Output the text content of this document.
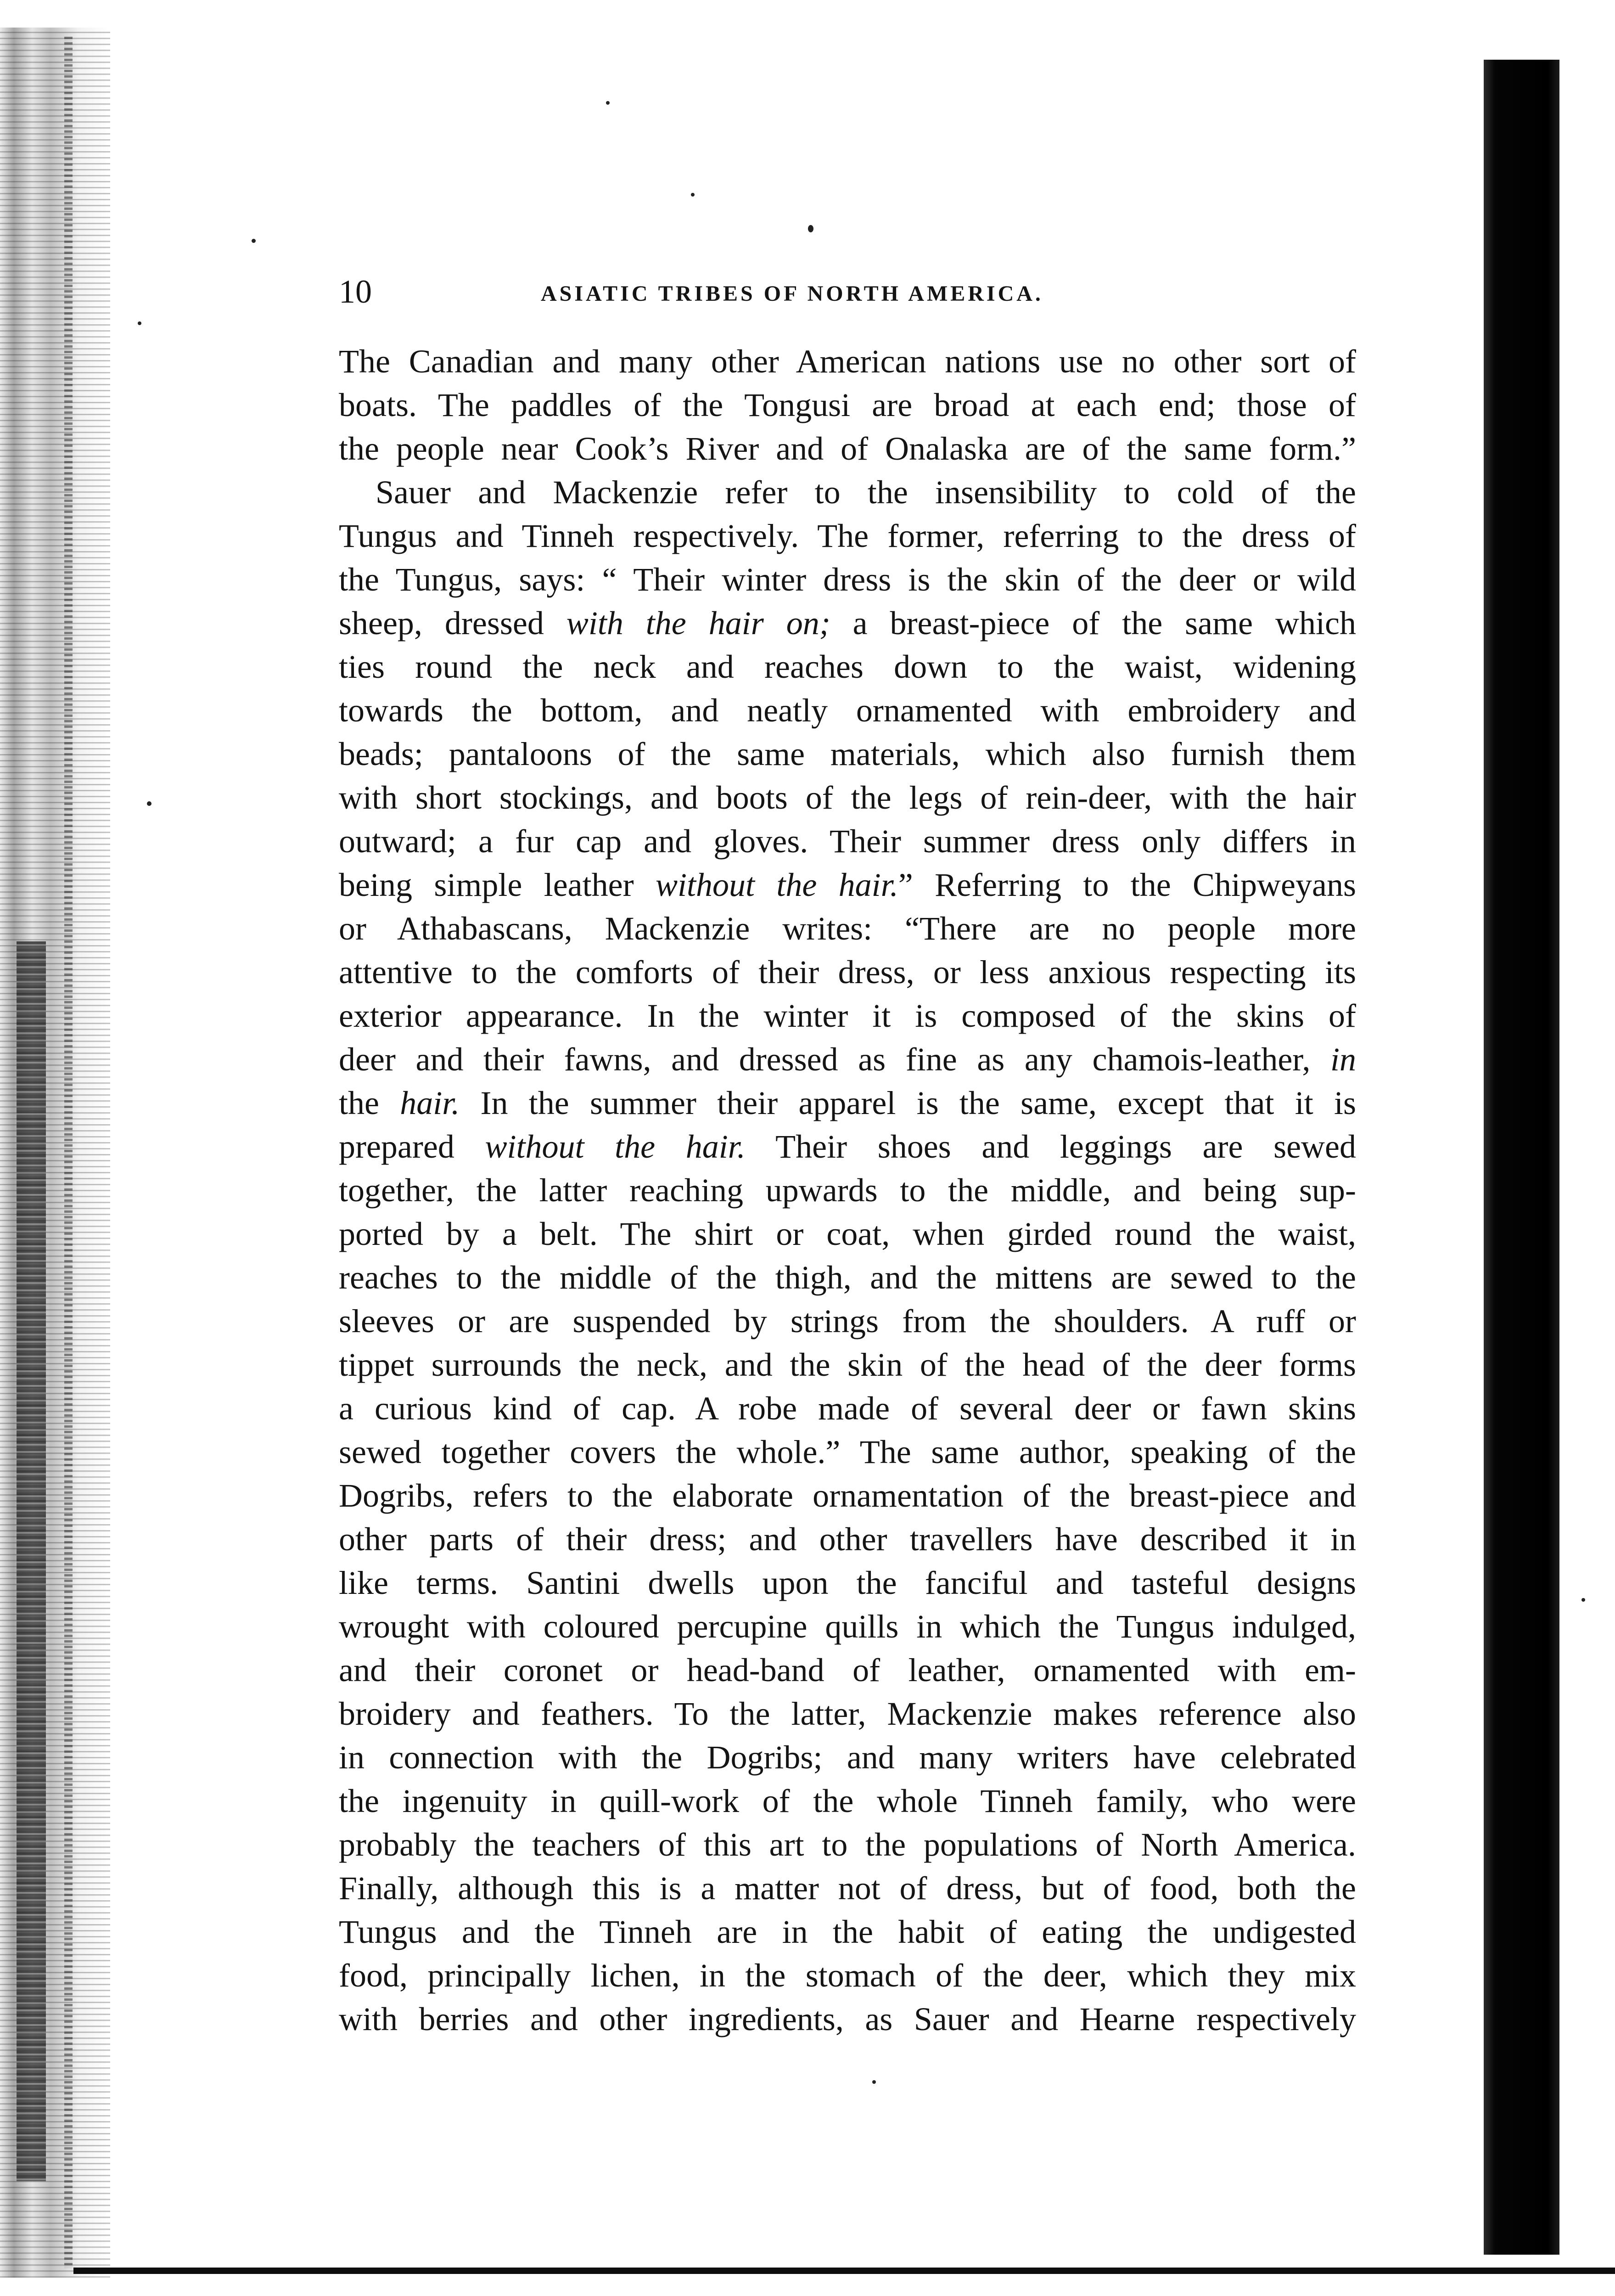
10	ASIATIC TRIBES OF NORTH AMERICA.
The Canadian and many other American nations use no other sort of
boats. The paddles of the Tongusi are broad at each end; those of
the people near Cook’s River and of Onalaska are of the same form.”
Sauer and Mackenzie refer to the insensibility to cold of the
Tungus and Tinneh respectively. The former, referring to the dress of
the Tungus, says: “ Their winter dress is the skin of the deer or wild
sheep, dressed with the hair on; a breast-piece of the same which
ties round the neck and reaches down to the waist, widening
towards the bottom, and neatly ornamented with embroidery and
beads; pantaloons of the same materials, which also furnish them
with short stockings, and boots of the legs of rein-deer, with the hair
outward; a fur cap and gloves. Their summer dress only differs in
being simple leather without the hair.” Referring to the Chipweyans
or Athabascans, Mackenzie writes: “There are no people more
attentive to the comforts of their dress, or less anxious respecting its
exterior appearance. In the winter it is composed of the skins of
deer and their fawns, and dressed as fine as any chamois-leather, in
the hair. In the summer their apparel is the same, except that it is
prepared without the hair. Their shoes and leggings are sewed
together, the latter reaching upwards to the middle, and being sup-
ported by a belt. The shirt or coat, when girded round the waist,
reaches to the middle of the thigh, and the mittens are sewed to the
sleeves or are suspended by strings from the shoulders. A ruff or
tippet surrounds the neck, and the skin of the head of the deer forms
a curious kind of cap. A robe made of several deer or fawn skins
sewed together covers the whole.” The same author, speaking of the
Dogribs, refers to the elaborate ornamentation of the breast-piece and
other parts of their dress; and other travellers have described it in
like terms. Santini dwells upon the fanciful and tasteful designs
wrought with coloured percupine quills in which the Tungus indulged,
and their coronet or head-band of leather, ornamented with em-
broidery and feathers. To the latter, Mackenzie makes reference also
in connection with the Dogribs; and many writers have celebrated
the ingenuity in quill-work of the whole Tinneh family, who were
probably the teachers of this art to the populations of North America.
Finally, although this is a matter not of dress, but of food, both the
Tungus and the Tinneh are in the habit of eating the undigested
food, principally lichen, in the stomach of the deer, which they mix
with berries and other ingredients, as Sauer and Hearne respectively
